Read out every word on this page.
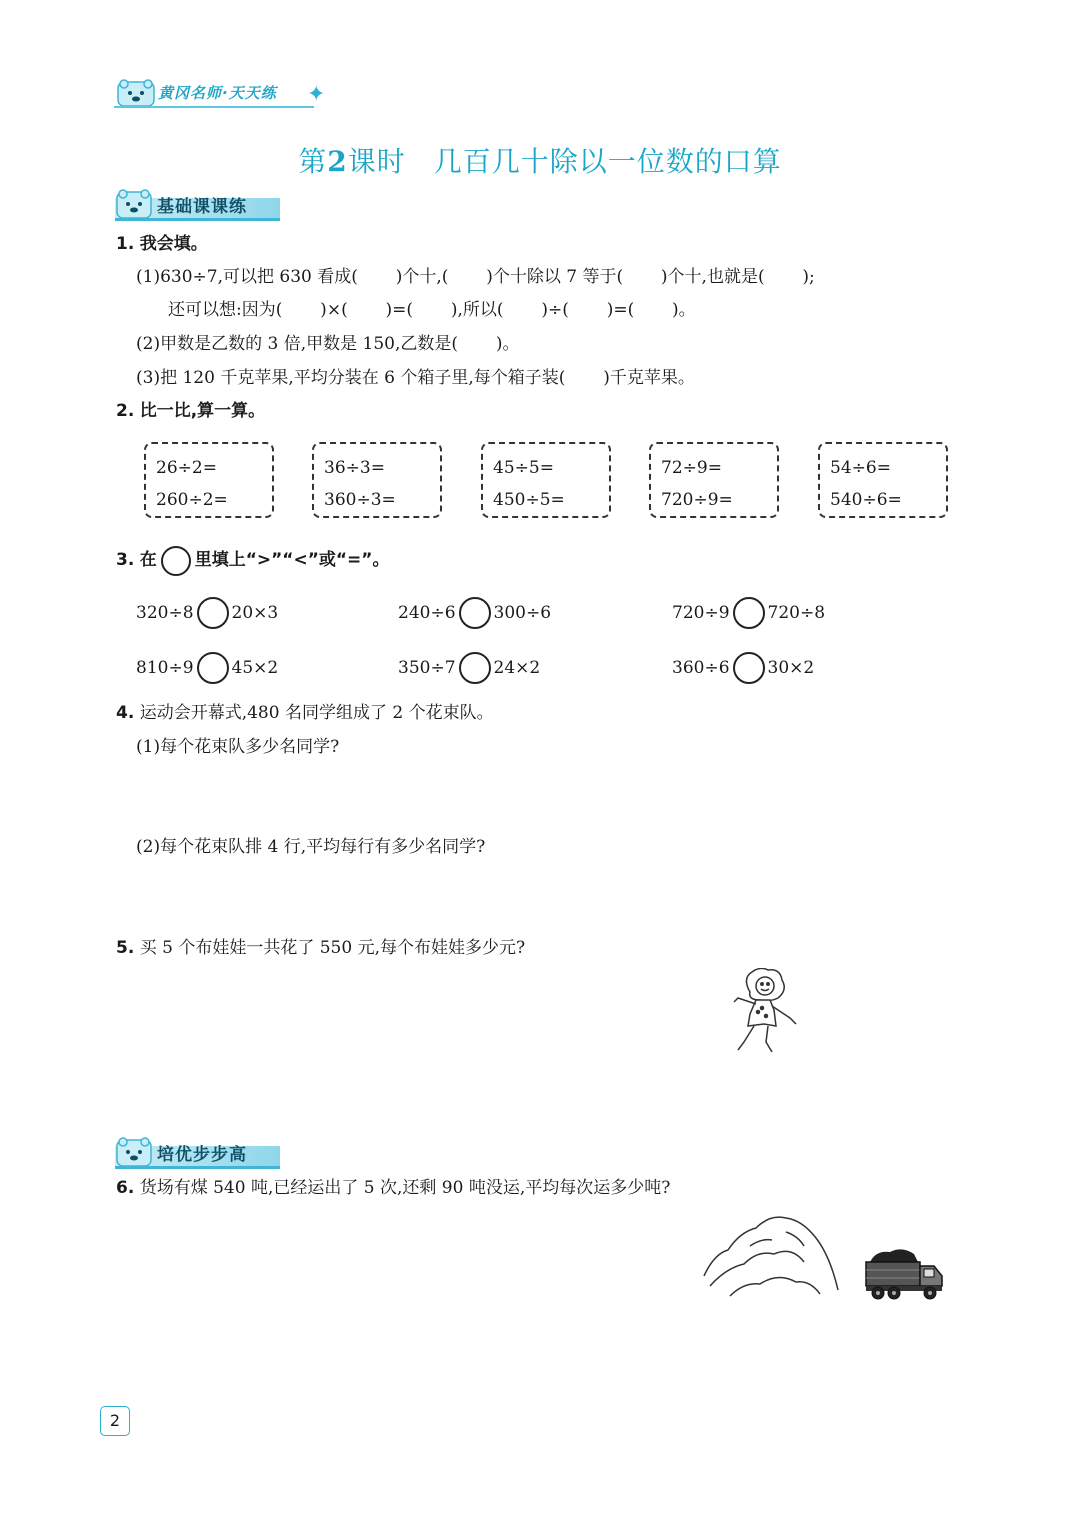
黄冈名师·天天练 ✦
第2课时 几百几十除以一位数的口算
基础课课练
1. 我会填。
(1)630÷7,可以把 630 看成(       )个十,(       )个十除以 7 等于(       )个十,也就是(       );
还可以想:因为(       )×(       )=(       ),所以(       )÷(       )=(       )。
(2)甲数是乙数的 3 倍,甲数是 150,乙数是(       )。
(3)把 120 千克苹果,平均分装在 6 个箱子里,每个箱子装(       )千克苹果。
2. 比一比,算一算。
26÷2=
260÷2=
36÷3=
360÷3=
45÷5=
450÷5=
72÷9=
720÷9=
54÷6=
540÷6=
3. 在 里填上“>”“<”或“=”。
320÷8 20×3	240÷6 300÷6	720÷9 720÷8
810÷9 45×2	350÷7 24×2	360÷6 30×2
4. 运动会开幕式,480 名同学组成了 2 个花束队。
(1)每个花束队多少名同学?
(2)每个花束队排 4 行,平均每行有多少名同学?
5. 买 5 个布娃娃一共花了 550 元,每个布娃娃多少元?
培优步步高
6. 货场有煤 540 吨,已经运出了 5 次,还剩 90 吨没运,平均每次运多少吨?
2
